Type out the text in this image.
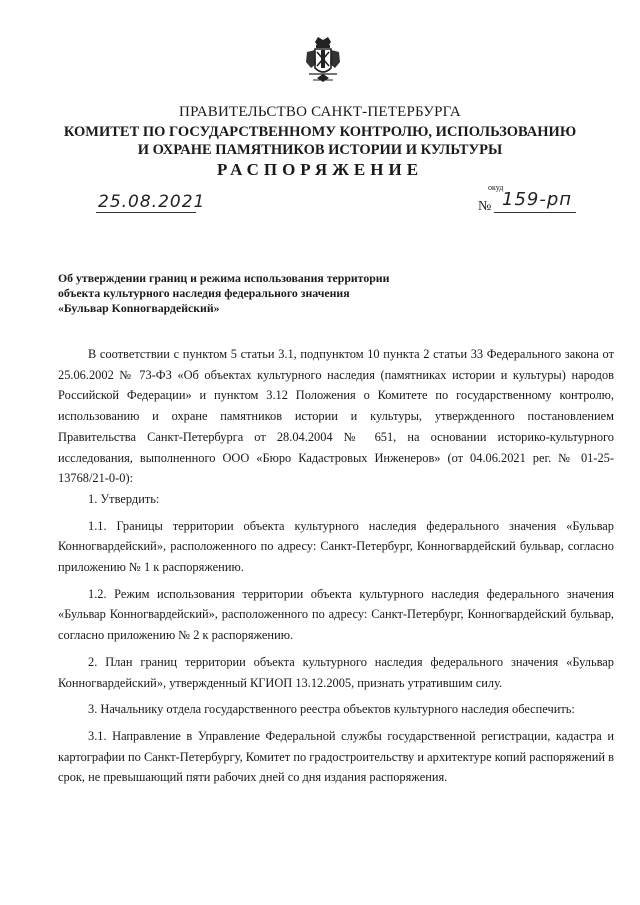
ПРАВИТЕЛЬСТВО САНКТ-ПЕТЕРБУРГА
КОМИТЕТ ПО ГОСУДАРСТВЕННОМУ КОНТРОЛЮ, ИСПОЛЬЗОВАНИЮ
И ОХРАНЕ ПАМЯТНИКОВ ИСТОРИИ И КУЛЬТУРЫ
РАСПОРЯЖЕНИЕ
25.08.2021
окуд
№ 159-рп
Об утверждении границ и режима использования территории
объекта культурного наследия федерального значения
«Бульвар Konногвардейский»

В соответствии с пунктом 5 статьи 3.1, подпунктом 10 пункта 2 статьи 33 Федерального закона от 25.06.2002 № 73-ФЗ «Об объектах культурного наследия (памятниках истории и культуры) народов Российской Федерации» и пунктом 3.12 Положения о Комитете по государственному контролю, использованию и охране памятников истории и культуры, утвержденного постановлением Правительства Санкт-Петербурга от 28.04.2004 № 651, на основании историко-культурного исследования, выполненного ООО «Бюро Кадастровых Инженеров» (от 04.06.2021 рег. № 01-25-13768/21-0-0):

1. Утвердить:

1.1. Границы территории объекта культурного наследия федерального значения «Бульвар Конногвардейский», расположенного по адресу: Санкт-Петербург, Конногвардейский бульвар, согласно приложению № 1 к распоряжению.

1.2. Режим использования территории объекта культурного наследия федерального значения «Бульвар Конногвардейский», расположенного по адресу: Санкт-Петербург, Конногвардейский бульвар, согласно приложению № 2 к распоряжению.

2. План границ территории объекта культурного наследия федерального значения «Бульвар Конногвардейский», утвержденный КГИОП 13.12.2005, признать утратившим силу.

3. Начальнику отдела государственного реестра объектов культурного наследия обеспечить:

3.1. Направление в Управление Федеральной службы государственной регистрации, кадастра и картографии по Санкт-Петербургу, Комитет по градостроительству и архитектуре копий распоряжений в срок, не превышающий пяти рабочих дней со дня издания распоряжения.
